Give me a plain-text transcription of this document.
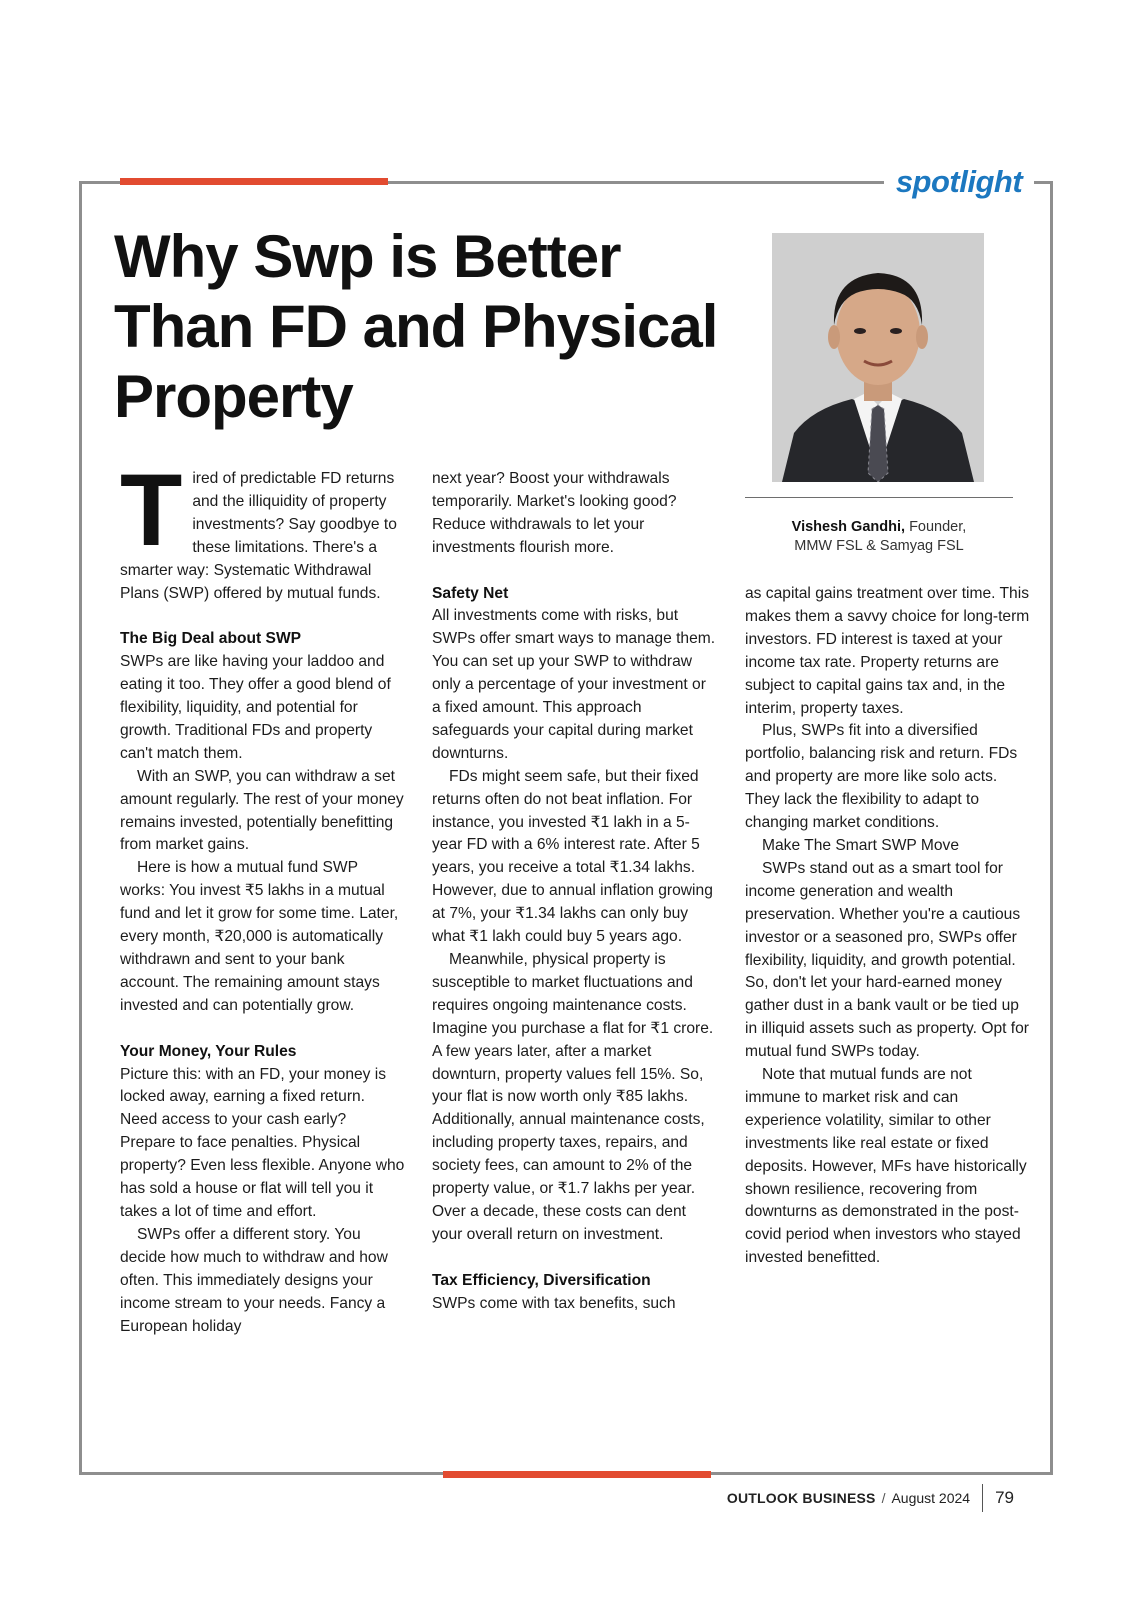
spotlight
Why Swp is Better Than FD and Physical Property
Vishesh Gandhi, Founder,
MMW FSL & Samyag FSL
T ired of predictable FD returns and the illiquidity of property investments? Say goodbye to these limitations. There's a smarter way: Systematic Withdrawal Plans (SWP) offered by mutual funds.

The Big Deal about SWP

SWPs are like having your laddoo and eating it too. They offer a good blend of flexibility, liquidity, and potential for growth. Traditional FDs and property can't match them.

With an SWP, you can withdraw a set amount regularly. The rest of your money remains invested, potentially benefitting from market gains.

Here is how a mutual fund SWP works: You invest ₹5 lakhs in a mutual fund and let it grow for some time. Later, every month, ₹20,000 is automatically withdrawn and sent to your bank account. The remaining amount stays invested and can potentially grow.

Your Money, Your Rules

Picture this: with an FD, your money is locked away, earning a fixed return. Need access to your cash early? Prepare to face penalties. Physical property? Even less flexible. Anyone who has sold a house or flat will tell you it takes a lot of time and effort.

SWPs offer a different story. You decide how much to withdraw and how often. This immediately designs your income stream to your needs. Fancy a European holiday

next year? Boost your withdrawals temporarily. Market's looking good? Reduce withdrawals to let your investments flourish more.

Safety Net

All investments come with risks, but SWPs offer smart ways to manage them. You can set up your SWP to withdraw only a percentage of your investment or a fixed amount. This approach safeguards your capital during market downturns.

FDs might seem safe, but their fixed returns often do not beat inflation. For instance, you invested ₹1 lakh in a 5-year FD with a 6% interest rate. After 5 years, you receive a total ₹1.34 lakhs. However, due to annual inflation growing at 7%, your ₹1.34 lakhs can only buy what ₹1 lakh could buy 5 years ago.

Meanwhile, physical property is susceptible to market fluctuations and requires ongoing maintenance costs. Imagine you purchase a flat for ₹1 crore. A few years later, after a market downturn, property values fell 15%. So, your flat is now worth only ₹85 lakhs. Additionally, annual maintenance costs, including property taxes, repairs, and society fees, can amount to 2% of the property value, or ₹1.7 lakhs per year. Over a decade, these costs can dent your overall return on investment.

Tax Efficiency, Diversification

SWPs come with tax benefits, such

as capital gains treatment over time. This makes them a savvy choice for long-term investors. FD interest is taxed at your income tax rate. Property returns are subject to capital gains tax and, in the interim, property taxes.

Plus, SWPs fit into a diversified portfolio, balancing risk and return. FDs and property are more like solo acts. They lack the flexibility to adapt to changing market conditions.

Make The Smart SWP Move

SWPs stand out as a smart tool for income generation and wealth preservation. Whether you're a cautious investor or a seasoned pro, SWPs offer flexibility, liquidity, and growth potential. So, don't let your hard-earned money gather dust in a bank vault or be tied up in illiquid assets such as property. Opt for mutual fund SWPs today.

Note that mutual funds are not immune to market risk and can experience volatility, similar to other investments like real estate or fixed deposits. However, MFs have historically shown resilience, recovering from downturns as demonstrated in the post-covid period when investors who stayed invested benefitted.

OUTLOOK BUSINESS / August 2024 79
